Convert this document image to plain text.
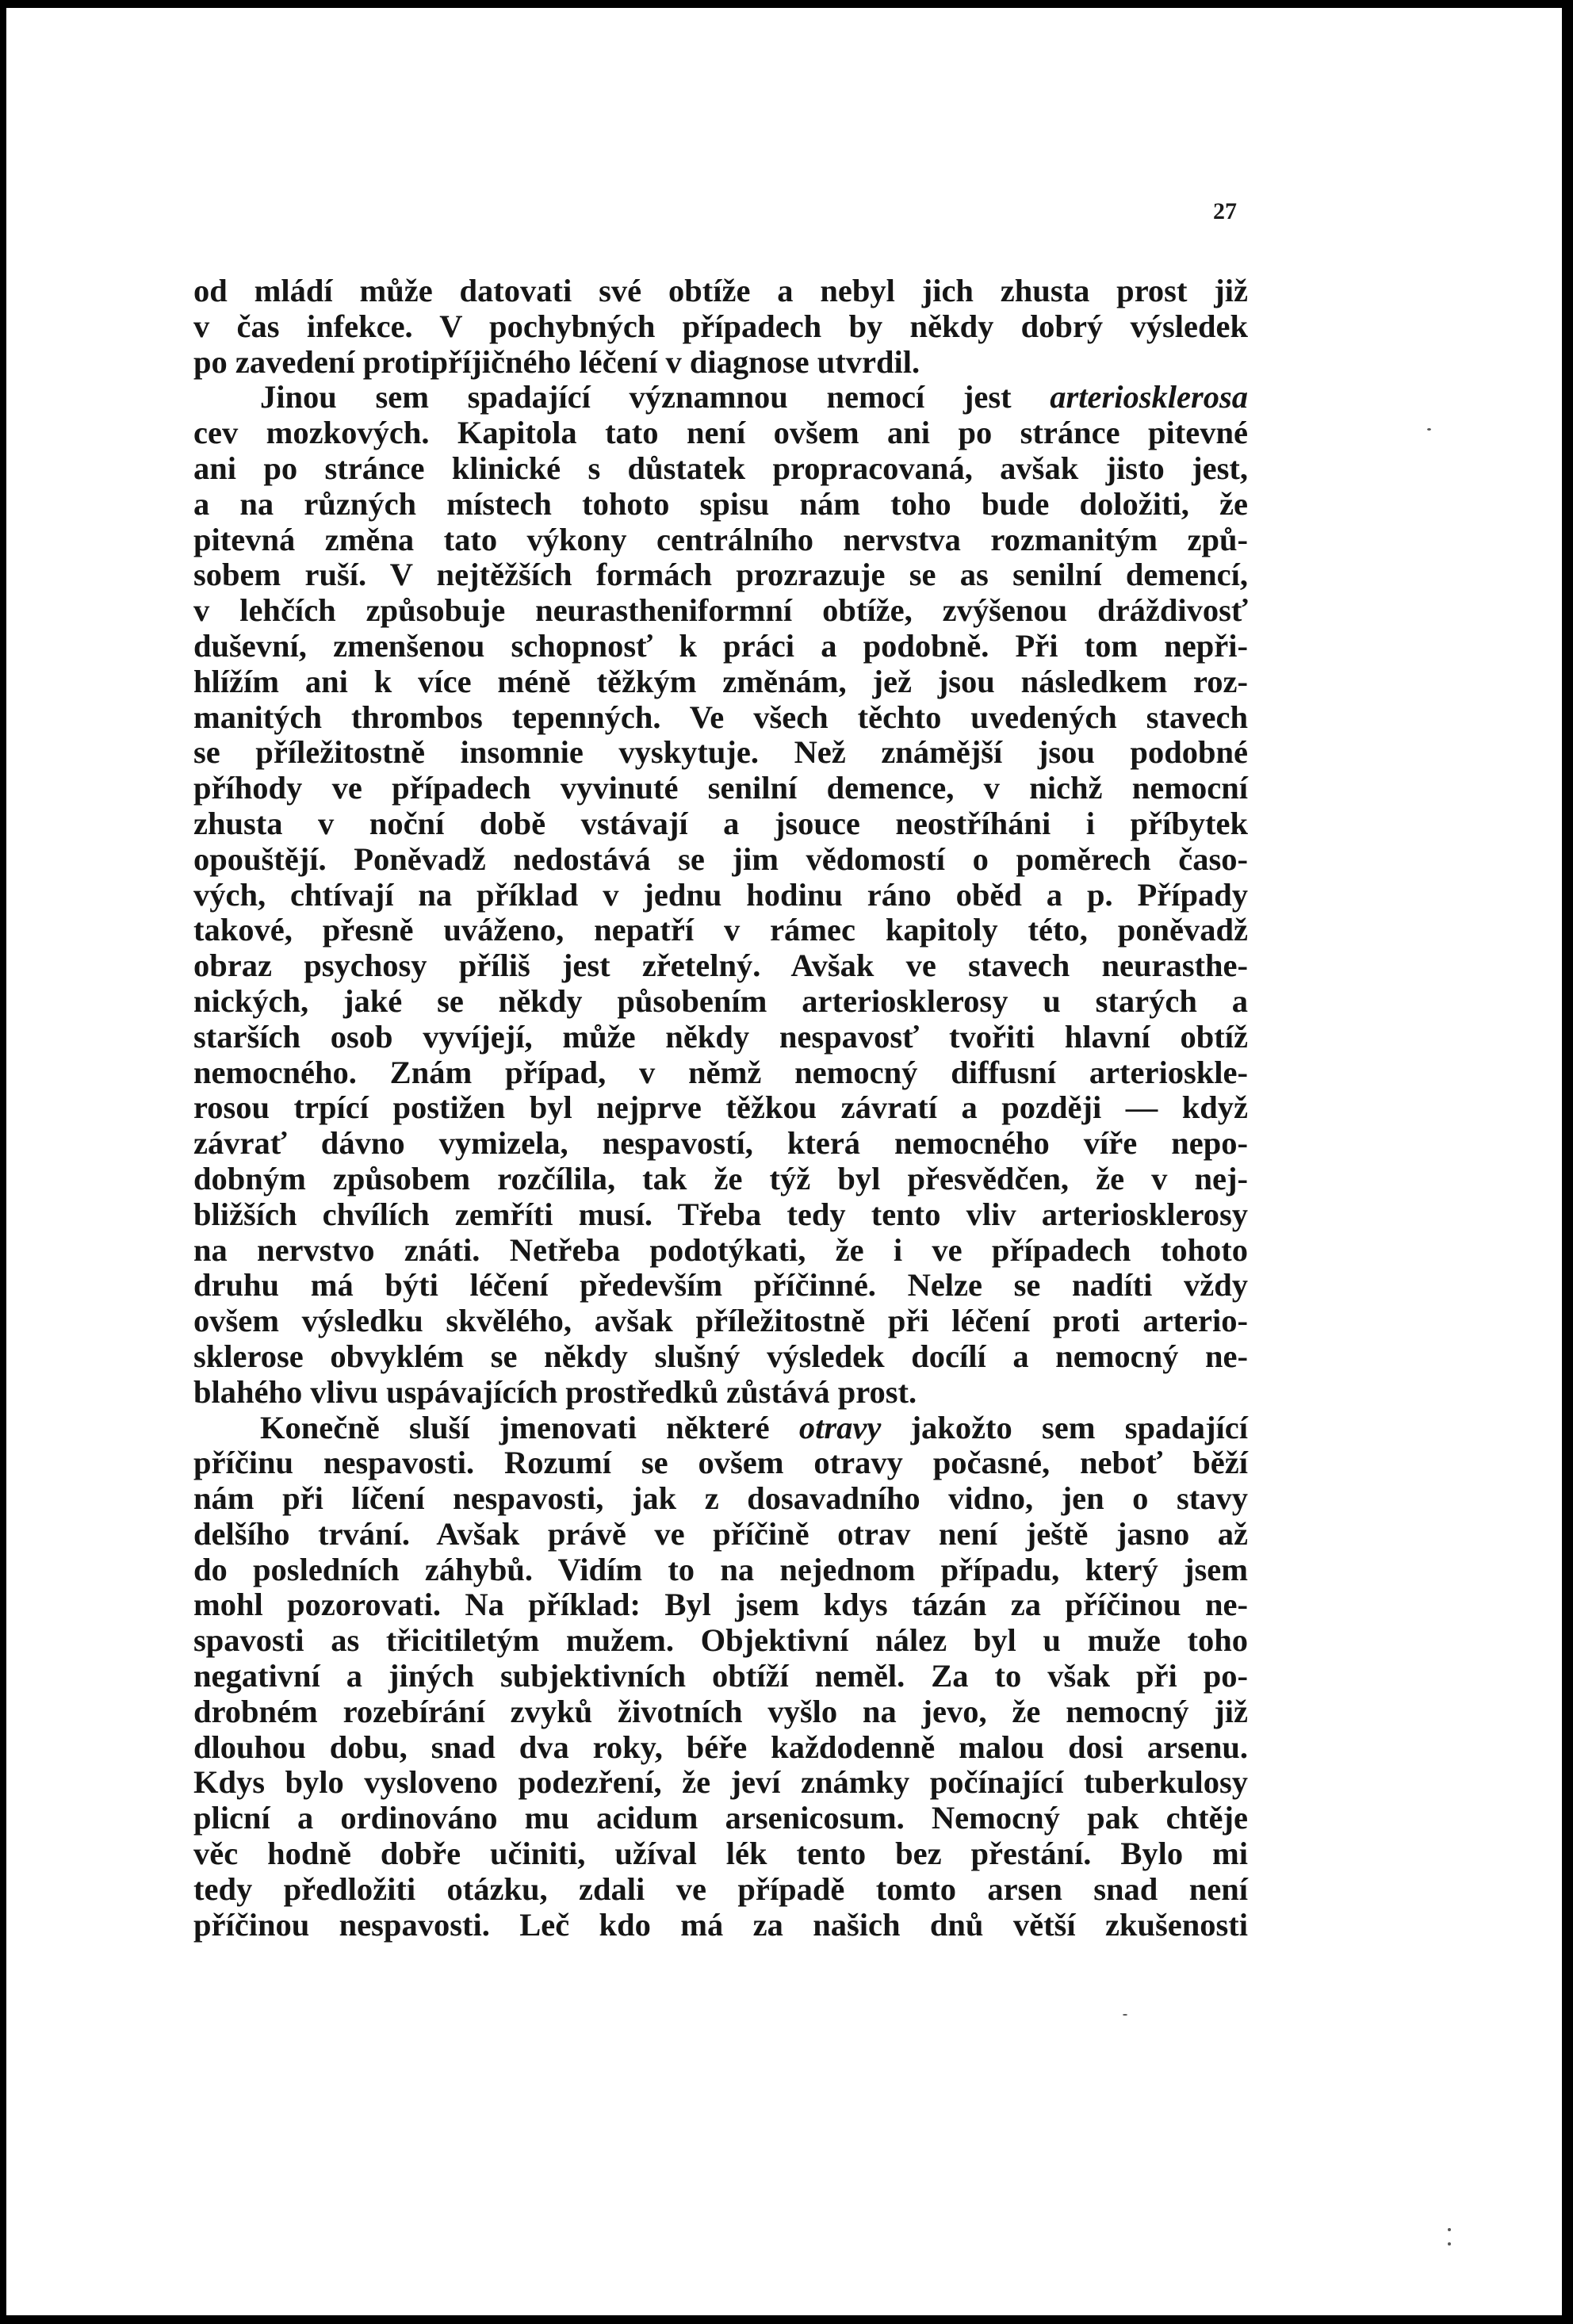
27
od mládí může datovati své obtíže a nebyl jich zhusta prost již
v čas infekce. V pochybných případech by někdy dobrý výsledek
po zavedení protipříjičného léčení v diagnose utvrdil.
Jinou sem spadající významnou nemocí jest arteriosklerosa
cev mozkových. Kapitola tato není ovšem ani po stránce pitevné
ani po stránce klinické s důstatek propracovaná, avšak jisto jest,
a na různých místech tohoto spisu nám toho bude doložiti, že
pitevná změna tato výkony centrálního nervstva rozmanitým způ-
sobem ruší. V nejtěžších formách prozrazuje se as senilní demencí,
v lehčích způsobuje neurastheniformní obtíže, zvýšenou dráždivosť
duševní, zmenšenou schopnosť k práci a podobně. Při tom nepři-
hlížím ani k více méně těžkým změnám, jež jsou následkem roz-
manitých thrombos tepenných. Ve všech těchto uvedených stavech
se příležitostně insomnie vyskytuje. Než známější jsou podobné
příhody ve případech vyvinuté senilní demence, v nichž nemocní
zhusta v noční době vstávají a jsouce neostříháni i příbytek
opouštějí. Poněvadž nedostává se jim vědomostí o poměrech časo-
vých, chtívají na příklad v jednu hodinu ráno oběd a p. Případy
takové, přesně uváženo, nepatří v rámec kapitoly této, poněvadž
obraz psychosy příliš jest zřetelný. Avšak ve stavech neurasthe-
nických, jaké se někdy působením arteriosklerosy u starých a
starších osob vyvíjejí, může někdy nespavosť tvořiti hlavní obtíž
nemocného. Znám případ, v němž nemocný diffusní arterioskle-
rosou trpící postižen byl nejprve těžkou závratí a později — když
závrať dávno vymizela, nespavostí, která nemocného víře nepo-
dobným způsobem rozčílila, tak že týž byl přesvědčen, že v nej-
bližších chvílích zemříti musí. Třeba tedy tento vliv arteriosklerosy
na nervstvo znáti. Netřeba podotýkati, že i ve případech tohoto
druhu má býti léčení především příčinné. Nelze se nadíti vždy
ovšem výsledku skvělého, avšak příležitostně při léčení proti arterio-
sklerose obvyklém se někdy slušný výsledek docílí a nemocný ne-
blahého vlivu uspávajících prostředků zůstává prost.
Konečně sluší jmenovati některé otravy jakožto sem spadající
příčinu nespavosti. Rozumí se ovšem otravy počasné, neboť běží
nám při líčení nespavosti, jak z dosavadního vidno, jen o stavy
delšího trvání. Avšak právě ve příčině otrav není ještě jasno až
do posledních záhybů. Vidím to na nejednom případu, který jsem
mohl pozorovati. Na příklad: Byl jsem kdys tázán za příčinou ne-
spavosti as třicitiletým mužem. Objektivní nález byl u muže toho
negativní a jiných subjektivních obtíží neměl. Za to však při po-
drobném rozebírání zvyků životních vyšlo na jevo, že nemocný již
dlouhou dobu, snad dva roky, béře každodenně malou dosi arsenu.
Kdys bylo vysloveno podezření, že jeví známky počínající tuberkulosy
plicní a ordinováno mu acidum arsenicosum. Nemocný pak chtěje
věc hodně dobře učiniti, užíval lék tento bez přestání. Bylo mi
tedy předložiti otázku, zdali ve případě tomto arsen snad není
příčinou nespavosti. Leč kdo má za našich dnů větší zkušenosti
